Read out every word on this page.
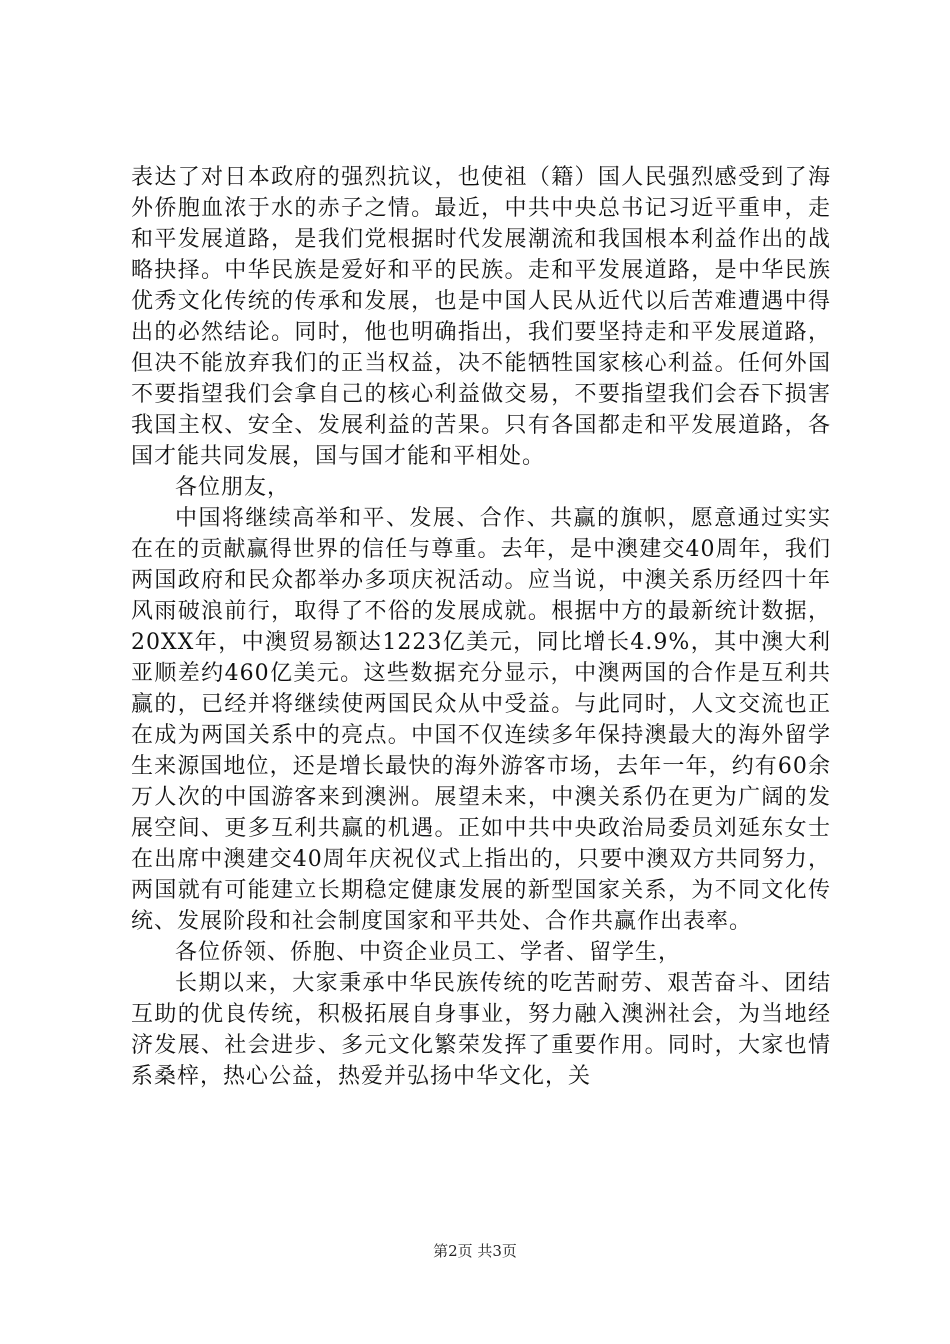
表达了对日本政府的强烈抗议，也使祖（籍）国人民强烈感受到了海外侨胞血浓于水的赤子之情。最近，中共中央总书记习近平重申，走和平发展道路，是我们党根据时代发展潮流和我国根本利益作出的战略抉择。中华民族是爱好和平的民族。走和平发展道路，是中华民族优秀文化传统的传承和发展，也是中国人民从近代以后苦难遭遇中得出的必然结论。同时，他也明确指出，我们要坚持走和平发展道路，但决不能放弃我们的正当权益，决不能牺牲国家核心利益。任何外国不要指望我们会拿自己的核心利益做交易，不要指望我们会吞下损害我国主权、安全、发展利益的苦果。只有各国都走和平发展道路，各国才能共同发展，国与国才能和平相处。

各位朋友，

中国将继续高举和平、发展、合作、共赢的旗帜，愿意通过实实在在的贡献赢得世界的信任与尊重。去年，是中澳建交40周年，我们两国政府和民众都举办多项庆祝活动。应当说，中澳关系历经四十年风雨破浪前行，取得了不俗的发展成就。根据中方的最新统计数据，20XX年，中澳贸易额达1223亿美元，同比增长4.9%，其中澳大利亚顺差约460亿美元。这些数据充分显示，中澳两国的合作是互利共赢的，已经并将继续使两国民众从中受益。与此同时，人文交流也正在成为两国关系中的亮点。中国不仅连续多年保持澳最大的海外留学生来源国地位，还是增长最快的海外游客市场，去年一年，约有60余万人次的中国游客来到澳洲。展望未来，中澳关系仍在更为广阔的发展空间、更多互利共赢的机遇。正如中共中央政治局委员刘延东女士在出席中澳建交40周年庆祝仪式上指出的，只要中澳双方共同努力，两国就有可能建立长期稳定健康发展的新型国家关系，为不同文化传统、发展阶段和社会制度国家和平共处、合作共赢作出表率。

各位侨领、侨胞、中资企业员工、学者、留学生，

长期以来，大家秉承中华民族传统的吃苦耐劳、艰苦奋斗、团结互助的优良传统，积极拓展自身事业，努力融入澳洲社会，为当地经济发展、社会进步、多元文化繁荣发挥了重要作用。同时，大家也情系桑梓，热心公益，热爱并弘扬中华文化，关

第2页 共3页
